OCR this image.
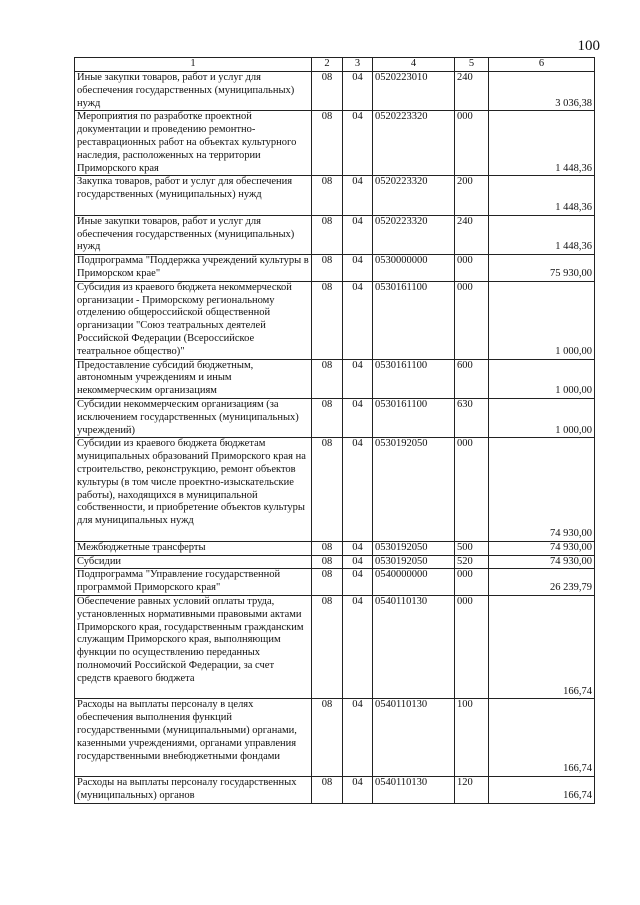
100
1	2	3	4	5	6
Иные закупки товаров, работ и услуг для обеспечения государственных (муниципальных) нужд	08	04	0520223010	240	3 036,38
Мероприятия по разработке проектной документации и проведению ремонтно-реставрационных работ на объектах культурного наследия, расположенных на территории Приморского края	08	04	0520223320	000	1 448,36
Закупка товаров, работ и услуг для обеспечения государственных (муниципальных) нужд	08	04	0520223320	200	1 448,36
Иные закупки товаров, работ и услуг для обеспечения государственных (муниципальных) нужд	08	04	0520223320	240	1 448,36
Подпрограмма "Поддержка учреждений культуры в Приморском крае"	08	04	0530000000	000	75 930,00
Субсидия из краевого бюджета некоммерческой организации - Приморскому региональному отделению общероссийской общественной организации "Союз театральных деятелей Российской Федерации (Всероссийское театральное общество)"	08	04	0530161100	000	1 000,00
Предоставление субсидий бюджетным, автономным учреждениям и иным некоммерческим организациям	08	04	0530161100	600	1 000,00
Субсидии некоммерческим организациям (за исключением государственных (муниципальных) учреждений)	08	04	0530161100	630	1 000,00
Субсидии из краевого бюджета бюджетам муниципальных образований Приморского края на строительство, реконструкцию, ремонт объектов культуры (в том числе проектно-изыскательские работы), находящихся в муниципальной собственности, и приобретение объектов культуры для муниципальных нужд	08	04	0530192050	000	74 930,00
Межбюджетные трансферты	08	04	0530192050	500	74 930,00
Субсидии	08	04	0530192050	520	74 930,00
Подпрограмма "Управление государственной программой Приморского края"	08	04	0540000000	000	26 239,79
Обеспечение равных условий оплаты труда, установленных нормативными правовыми актами Приморского края, государственным гражданским служащим Приморского края, выполняющим функции по осуществлению переданных полномочий Российской Федерации, за счет средств краевого бюджета	08	04	0540110130	000	166,74
Расходы на выплаты персоналу в целях обеспечения выполнения функций государственными (муниципальными) органами, казенными учреждениями, органами управления государственными внебюджетными фондами	08	04	0540110130	100	166,74
Расходы на выплаты персоналу государственных (муниципальных) органов	08	04	0540110130	120	166,74
